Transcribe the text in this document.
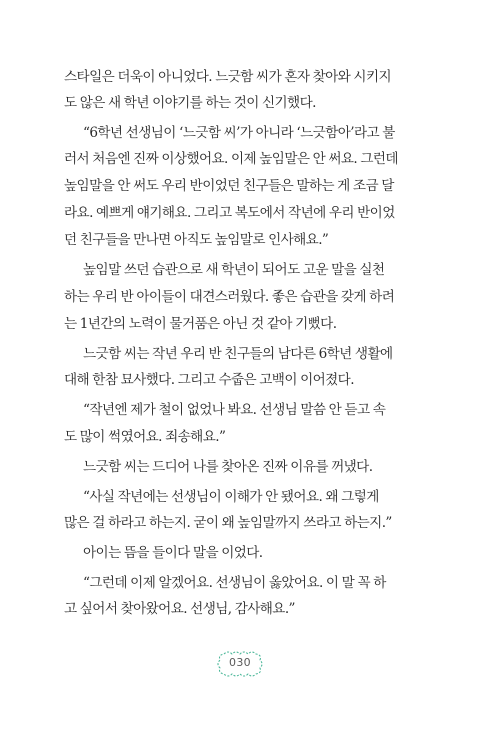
스타일은 더욱이 아니었다. 느긋함 씨가 혼자 찾아와 시키지
도 않은 새 학년 이야기를 하는 것이 신기했다.
“6학년 선생님이 ‘느긋함 씨’가 아니라 ‘느긋함아’라고 불
러서 처음엔 진짜 이상했어요. 이제 높임말은 안 써요. 그런데
높임말을 안 써도 우리 반이었던 친구들은 말하는 게 조금 달
라요. 예쁘게 얘기해요. 그리고 복도에서 작년에 우리 반이었
던 친구들을 만나면 아직도 높임말로 인사해요.”
높임말 쓰던 습관으로 새 학년이 되어도 고운 말을 실천
하는 우리 반 아이들이 대견스러웠다. 좋은 습관을 갖게 하려
는 1년간의 노력이 물거품은 아닌 것 같아 기뻤다.
느긋함 씨는 작년 우리 반 친구들의 남다른 6학년 생활에
대해 한참 묘사했다. 그리고 수줍은 고백이 이어졌다.
“작년엔 제가 철이 없었나 봐요. 선생님 말씀 안 듣고 속
도 많이 썩였어요. 죄송해요.”
느긋함 씨는 드디어 나를 찾아온 진짜 이유를 꺼냈다.
“사실 작년에는 선생님이 이해가 안 됐어요. 왜 그렇게
많은 걸 하라고 하는지. 굳이 왜 높임말까지 쓰라고 하는지.”
아이는 뜸을 들이다 말을 이었다.
“그런데 이제 알겠어요. 선생님이 옳았어요. 이 말 꼭 하
고 싶어서 찾아왔어요. 선생님, 감사해요.”
030
